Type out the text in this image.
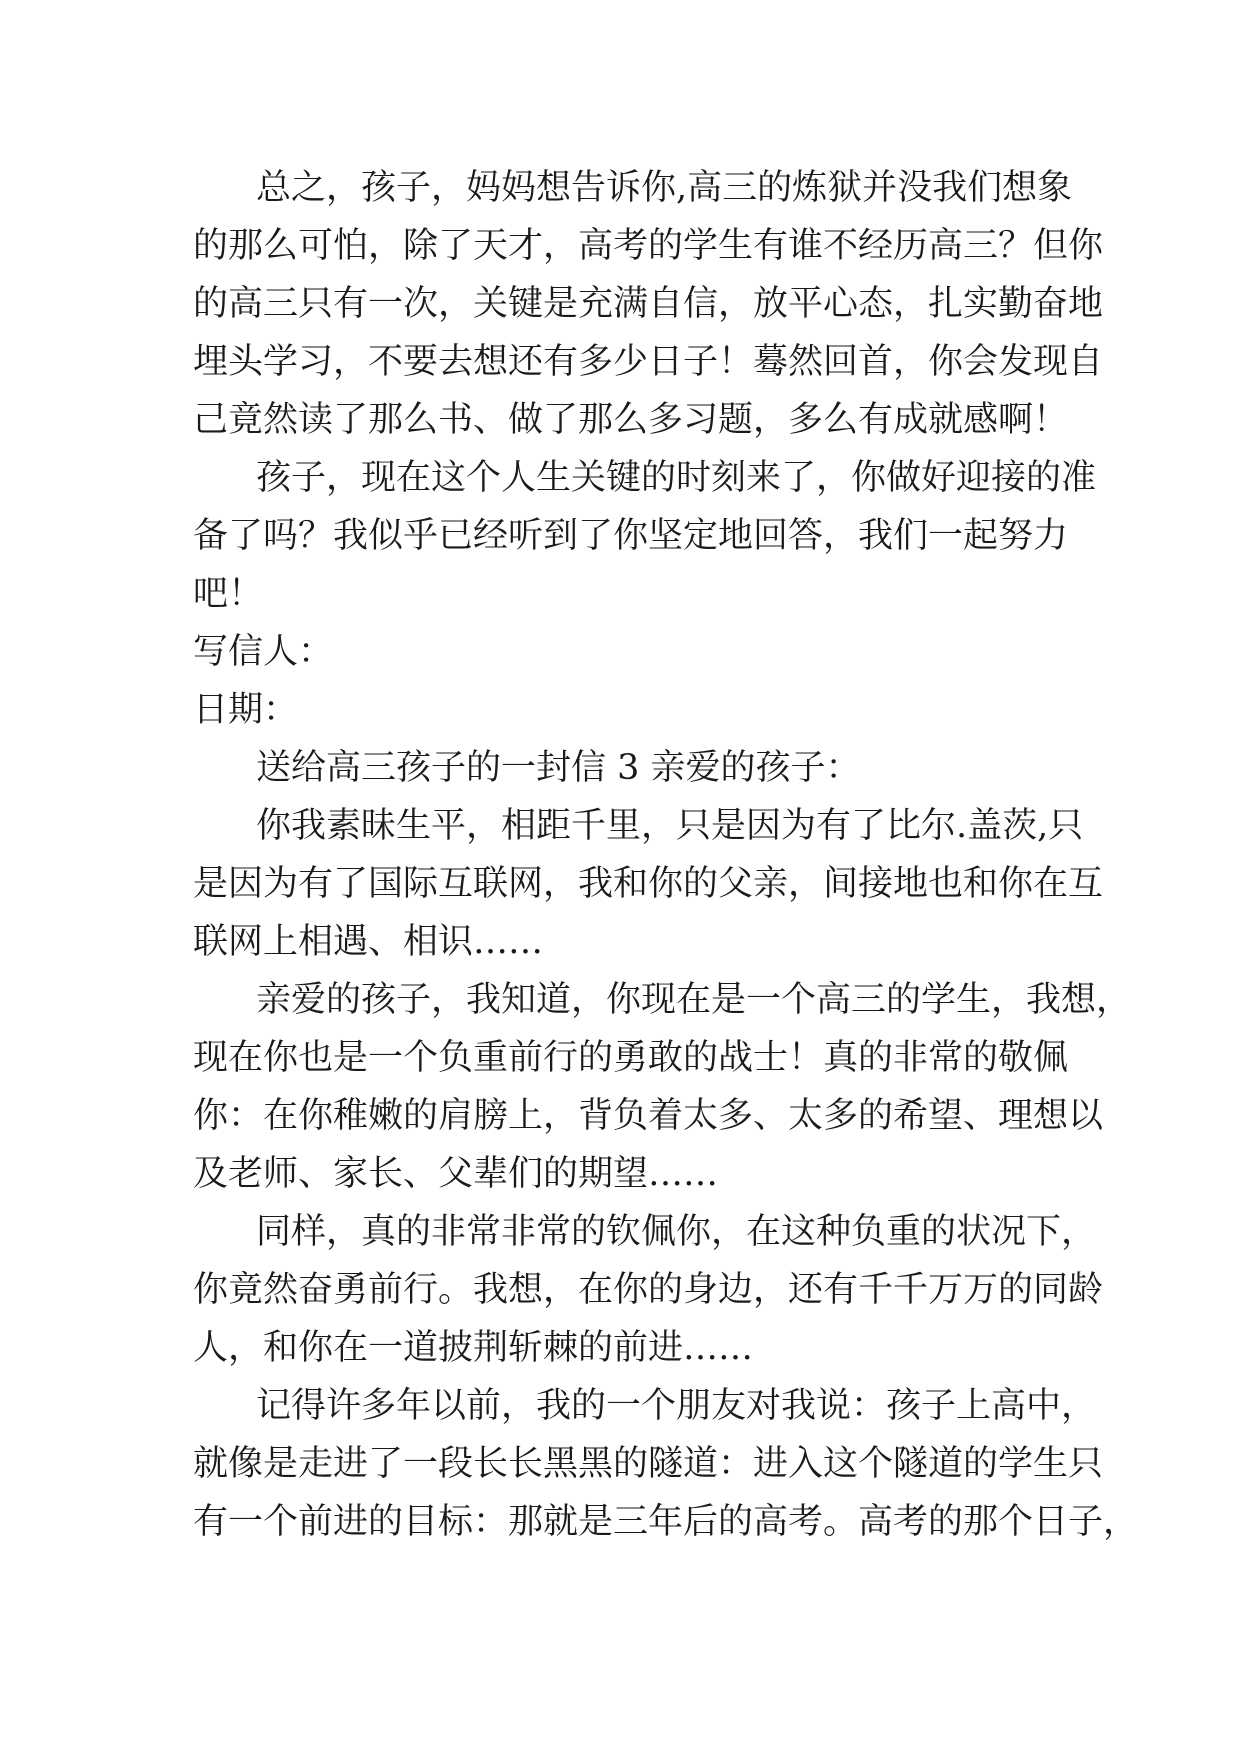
总之，孩子，妈妈想告诉你,高三的炼狱并没我们想象
的那么可怕，除了天才，高考的学生有谁不经历高三？但你
的高三只有一次，关键是充满自信，放平心态，扎实勤奋地
埋头学习，不要去想还有多少日子！蓦然回首，你会发现自
己竟然读了那么书、做了那么多习题，多么有成就感啊！
孩子，现在这个人生关键的时刻来了，你做好迎接的准
备了吗？我似乎已经听到了你坚定地回答，我们一起努力
吧！
写信人：
日期：
送给高三孩子的一封信 3 亲爱的孩子：
你我素昧生平，相距千里，只是因为有了比尔.盖茨,只
是因为有了国际互联网，我和你的父亲，间接地也和你在互
联网上相遇、相识……
亲爱的孩子，我知道，你现在是一个高三的学生，我想，
现在你也是一个负重前行的勇敢的战士！真的非常的敬佩
你：在你稚嫩的肩膀上，背负着太多、太多的希望、理想以
及老师、家长、父辈们的期望……
同样，真的非常非常的钦佩你，在这种负重的状况下，
你竟然奋勇前行。我想，在你的身边，还有千千万万的同龄
人，和你在一道披荆斩棘的前进……
记得许多年以前，我的一个朋友对我说：孩子上高中，
就像是走进了一段长长黑黑的隧道：进入这个隧道的学生只
有一个前进的目标：那就是三年后的高考。高考的那个日子，
